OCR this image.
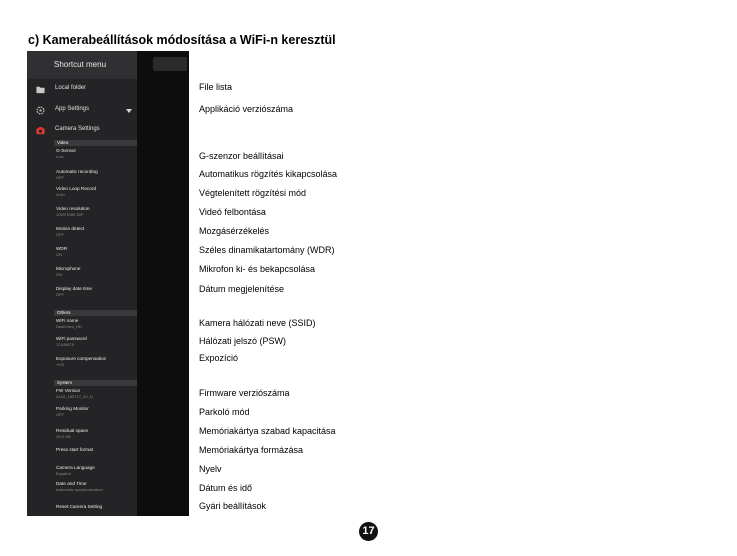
c) Kamerabeállítások módosítása a WiFi-n keresztül
Shortcut menu
Local folder
App Settings
Camera Settings
Video
G-Sensor
Low
Automatic recording
OFF
Video Loop Record
2min
Video resolution
1920*1080 30P
Motion detect
OFF
WDR
ON
Microphone
ON
Display date time
OFF
Others
WiFi name
DashCam_HD
WiFi password
12345678
Exposure compensation
+0/3
System
FW Version
A192_180717_20_N
Parking Monitor
OFF
Residual space
25.6 GB
Press start format
Camera Language
Español
Date and Time
Automatic synchronization
Reset Camera Setting
File lista
Applikáció verziószáma
G-szenzor beállításai
Automatikus rögzítés kikapcsolása
Végtelenített rögzítési mód
Videó felbontása
Mozgásérzékelés
Széles dinamikatartomány (WDR)
Mikrofon ki- és bekapcsolása
Dátum megjelenítése
Kamera hálózati neve (SSID)
Hálózati jelszó (PSW)
Expozíció
Firmware verziószáma
Parkoló mód
Memóriakártya szabad kapacitása
Memóriakártya formázása
Nyelv
Dátum és idő
Gyári beállítások
17
